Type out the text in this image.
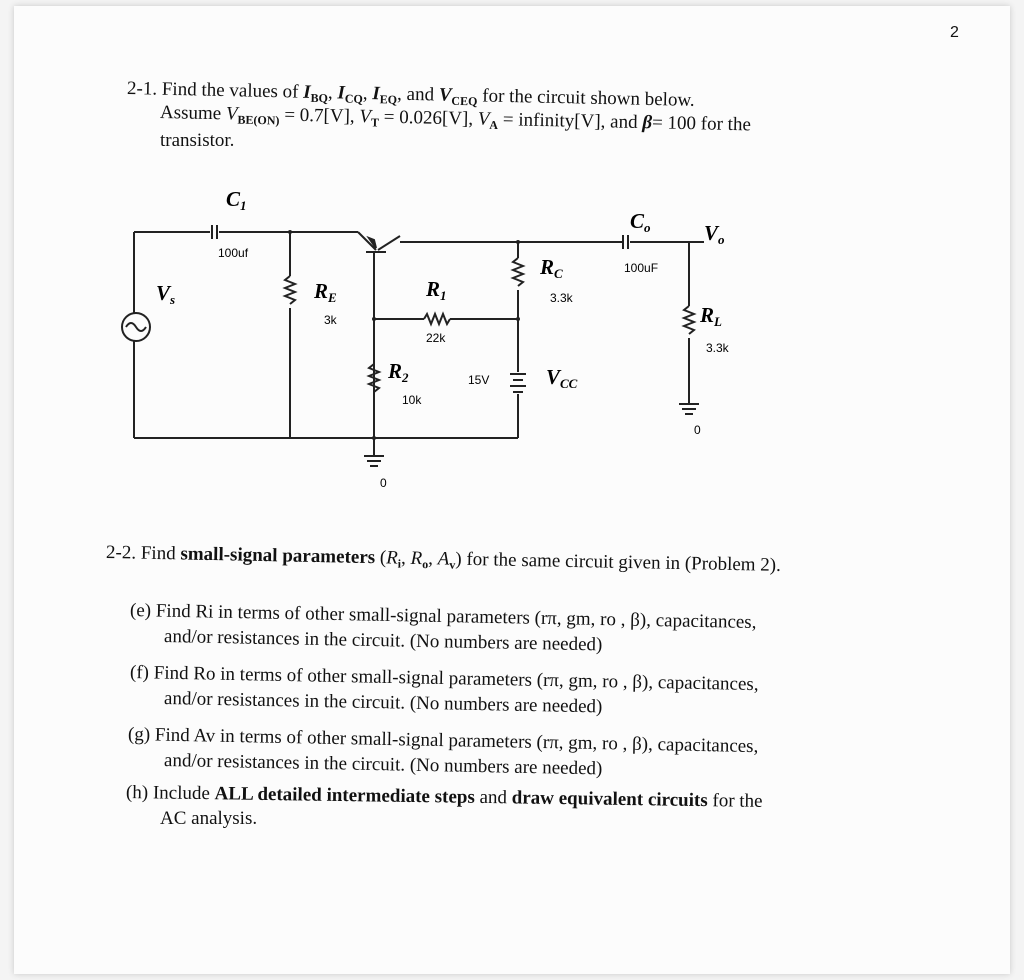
2
2-1. Find the values of $I_{BQ}$, $I_{CQ}$, $I_{EQ}$, and $V_{CEQ}$ for the circuit shown below.
Assume $V_{BE(ON)} = 0.7[V]$, $V_T = 0.026[V]$, $V_A$ = infinity[V], and β= 100 for the
transistor.
C1
100uf
Vs	RE
3k
R1
22k
R2
10k
RC
3.3k
Co
100uF
Vo
RL
3.3k
15V	VCC
0
0
2-2. Find small-signal parameters ($R_i$, $R_o$, $A_v$) for the same circuit given in (Problem 2).
(e) Find Ri in terms of other small-signal parameters (rπ, gm, ro , β), capacitances,
and/or resistances in the circuit. (No numbers are needed)
(f) Find Ro in terms of other small-signal parameters (rπ, gm, ro , β), capacitances,
and/or resistances in the circuit. (No numbers are needed)
(g) Find Av in terms of other small-signal parameters (rπ, gm, ro , β), capacitances,
and/or resistances in the circuit. (No numbers are needed)
(h) Include ALL detailed intermediate steps and draw equivalent circuits for the
AC analysis.
